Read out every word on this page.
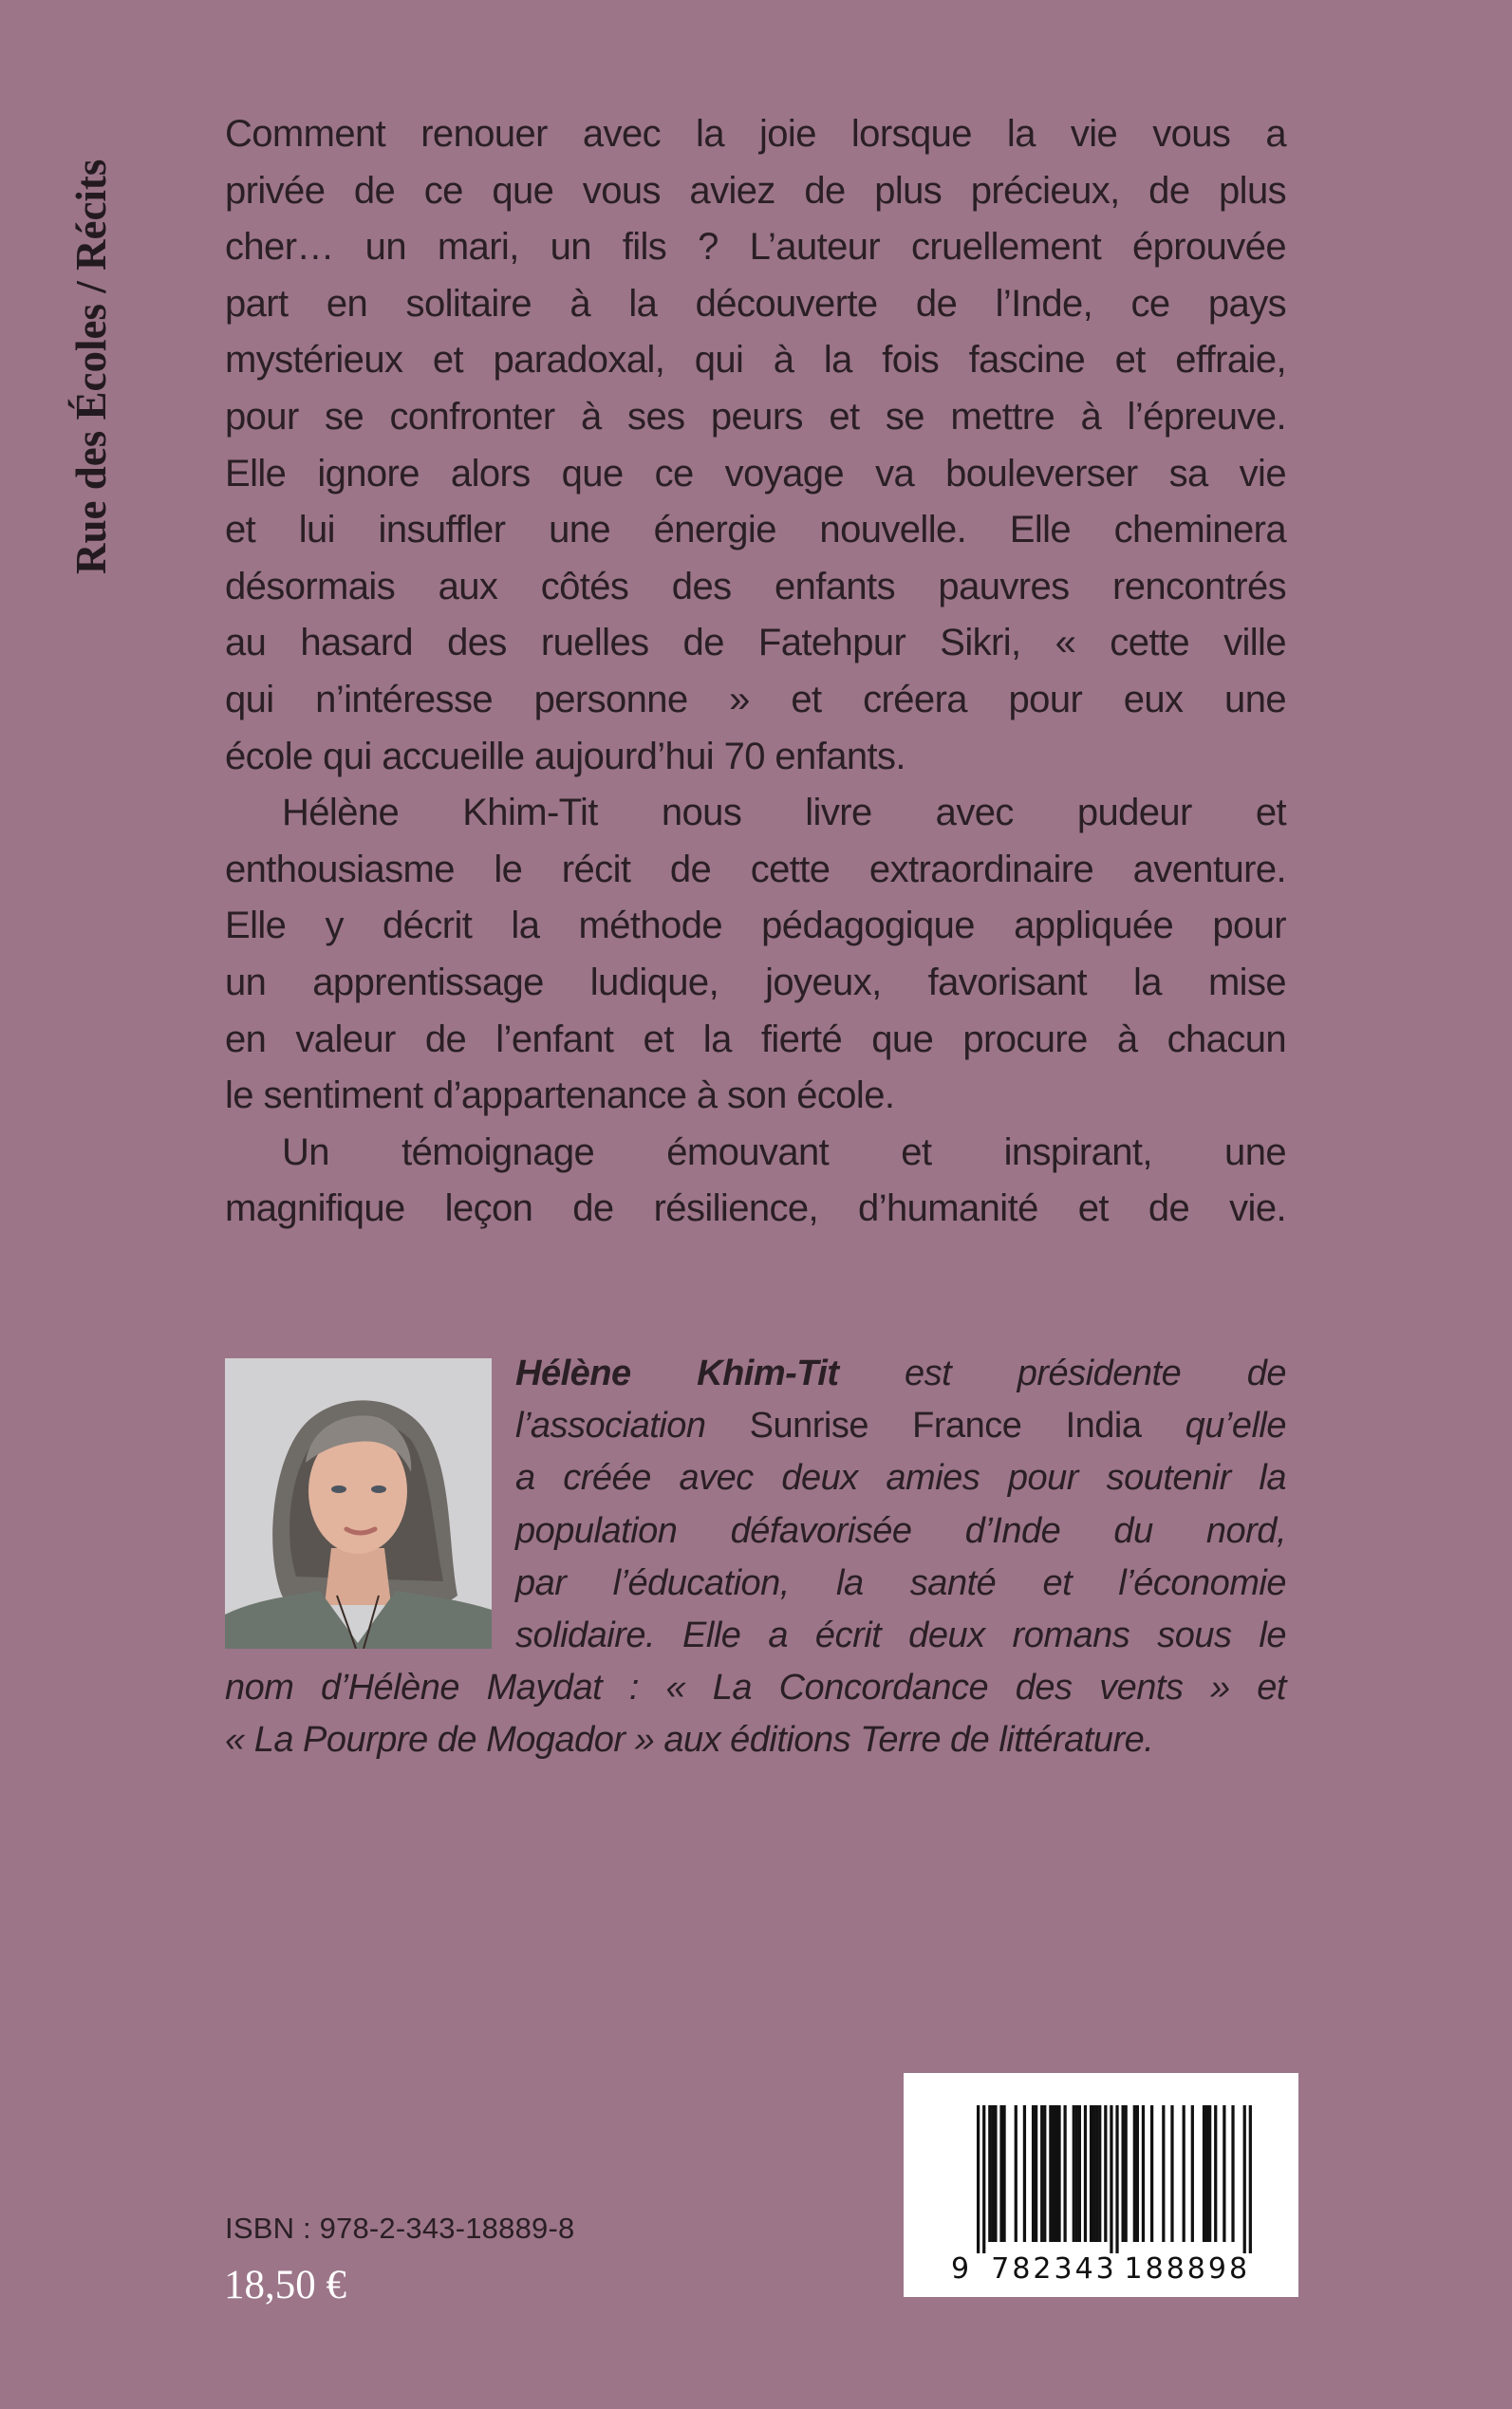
Rue des Écoles / Récits
Comment renouer avec la joie lorsque la vie vous a
privée de ce que vous aviez de plus précieux, de plus
cher… un mari, un fils ? L’auteur cruellement éprouvée
part en solitaire à la découverte de l’Inde, ce pays
mystérieux et paradoxal, qui à la fois fascine et effraie,
pour se confronter à ses peurs et se mettre à l’épreuve.
Elle ignore alors que ce voyage va bouleverser sa vie
et lui insuffler une énergie nouvelle. Elle cheminera
désormais aux côtés des enfants pauvres rencontrés
au hasard des ruelles de Fatehpur Sikri, « cette ville
qui n’intéresse personne » et créera pour eux une
école qui accueille aujourd’hui 70 enfants.
Hélène Khim-Tit nous livre avec pudeur et
enthousiasme le récit de cette extraordinaire aventure.
Elle y décrit la méthode pédagogique appliquée pour
un apprentissage ludique, joyeux, favorisant la mise
en valeur de l’enfant et la fierté que procure à chacun
le sentiment d’appartenance à son école.
Un témoignage émouvant et inspirant, une
magnifique leçon de résilience, d’humanité et de vie.
Hélène Khim-Tit est présidente de
l’association Sunrise France India qu’elle
a créée avec deux amies pour soutenir la
population défavorisée d’Inde du nord,
par l’éducation, la santé et l’économie
solidaire. Elle a écrit deux romans sous le
nom d’Hélène Maydat : « La Concordance des vents » et
« La Pourpre de Mogador » aux éditions Terre de littérature.
ISBN : 978-2-343-18889-8
18,50 €	9 782343 188898
